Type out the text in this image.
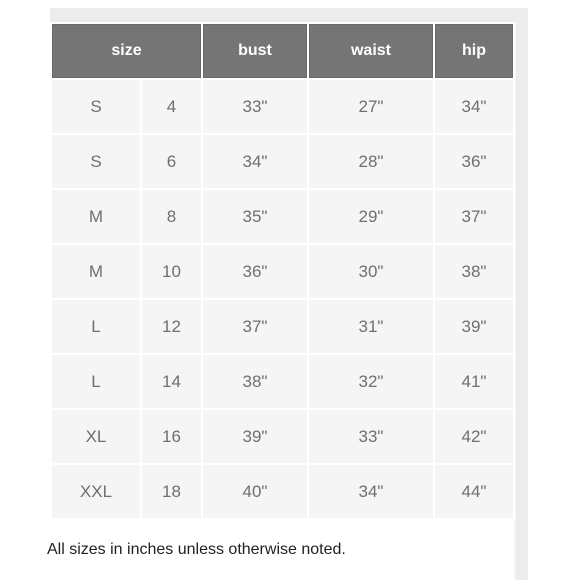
size		bust	waist	hip
S	4	33"	27"	34"
S	6	34"	28"	36"
M	8	35"	29"	37"
M	10	36"	30"	38"
L	12	37"	31"	39"
L	14	38"	32"	41"
XL	16	39"	33"	42"
XXL	18	40"	34"	44"
All sizes in inches unless otherwise noted.
